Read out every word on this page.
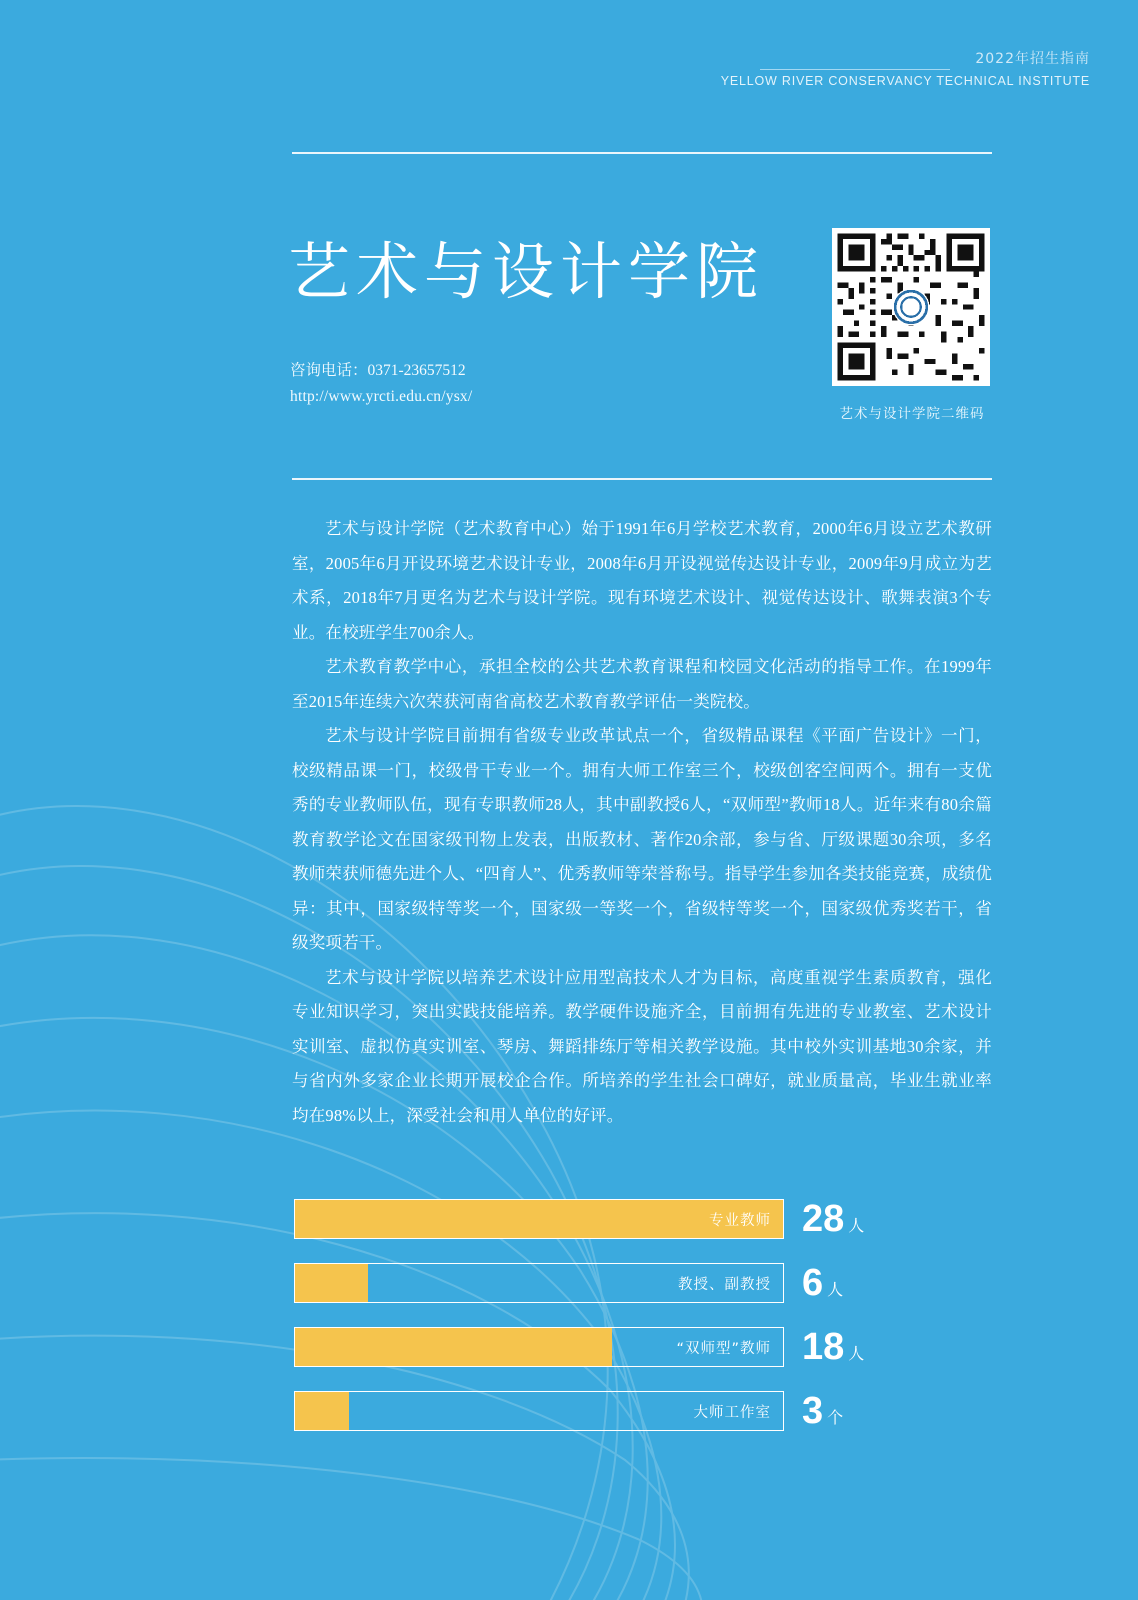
2022年招生指南
YELLOW RIVER CONSERVANCY TECHNICAL INSTITUTE
艺术与设计学院
咨询电话：0371-23657512
http://www.yrcti.edu.cn/ysx/
艺术与设计学院二维码

艺术与设计学院（艺术教育中心）始于1991年6月学校艺术教育，2000年6月设立艺术教研室，2005年6月开设环境艺术设计专业，2008年6月开设视觉传达设计专业，2009年9月成立为艺术系，2018年7月更名为艺术与设计学院。现有环境艺术设计、视觉传达设计、歌舞表演3个专业。在校班学生700余人。

艺术教育教学中心，承担全校的公共艺术教育课程和校园文化活动的指导工作。在1999年至2015年连续六次荣获河南省高校艺术教育教学评估一类院校。

艺术与设计学院目前拥有省级专业改革试点一个，省级精品课程《平面广告设计》一门，校级精品课一门，校级骨干专业一个。拥有大师工作室三个，校级创客空间两个。拥有一支优秀的专业教师队伍，现有专职教师28人，其中副教授6人，“双师型”教师18人。近年来有80余篇教育教学论文在国家级刊物上发表，出版教材、著作20余部，参与省、厅级课题30余项，多名教师荣获师德先进个人、“四育人”、优秀教师等荣誉称号。指导学生参加各类技能竞赛，成绩优异：其中，国家级特等奖一个，国家级一等奖一个，省级特等奖一个，国家级优秀奖若干，省级奖项若干。

艺术与设计学院以培养艺术设计应用型高技术人才为目标，高度重视学生素质教育，强化专业知识学习，突出实践技能培养。教学硬件设施齐全，目前拥有先进的专业教室、艺术设计实训室、虚拟仿真实训室、琴房、舞蹈排练厅等相关教学设施。其中校外实训基地30余家，并与省内外多家企业长期开展校企合作。所培养的学生社会口碑好，就业质量高，毕业生就业率均在98%以上，深受社会和用人单位的好评。

专业教师 28 人
教授、副教授 6 人
“双师型”教师 18 人
大师工作室 3 个
